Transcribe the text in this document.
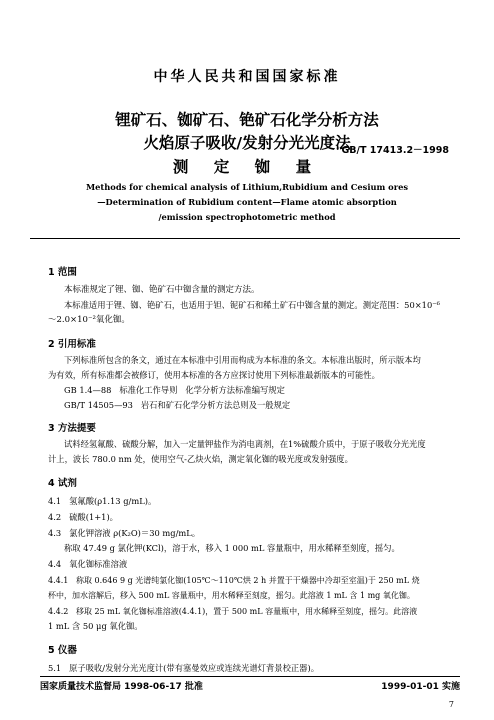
中华人民共和国国家标准
锂矿石、铷矿石、铯矿石化学分析方法
火焰原子吸收/发射分光光度法
测 定 铷 量
GB/T 17413.2－1998
Methods for chemical analysis of Lithium,Rubidium and Cesium ores
—Determination of Rubidium content—Flame atomic absorption
/emission spectrophotometric method
1 范围
本标准规定了锂、铷、铯矿石中铷含量的测定方法。
本标准适用于锂、铷、铯矿石，也适用于钽、铌矿石和稀土矿石中铷含量的测定。测定范围：50×10⁻⁶
～2.0×10⁻²氧化铷。
2 引用标准
下列标准所包含的条文，通过在本标准中引用而构成为本标准的条文。本标准出版时，所示版本均
为有效，所有标准都会被修订，使用本标准的各方应探讨使用下列标准最新版本的可能性。
GB 1.4—88   标准化工作导则   化学分析方法标准编写规定
GB/T 14505—93   岩石和矿石化学分析方法总则及一般规定
3 方法提要
试料经氢氟酸、硫酸分解，加入一定量钾盐作为消电离剂，在1%硫酸介质中，于原子吸收分光光度
计上，波长 780.0 nm 处，使用空气-乙炔火焰，测定氧化铷的吸光度或发射强度。
4 试剂
4.1   氢氟酸(ρ1.13 g/mL)。
4.2   硫酸(1+1)。
4.3   氯化钾溶液 ρ(K₂O)＝30 mg/mL。
称取 47.49 g 氯化钾(KCl)，溶于水，移入 1 000 mL 容量瓶中，用水稀释至刻度，摇匀。
4.4   氧化铷标准溶液
4.4.1   称取 0.646 9 g 光谱纯氯化铷(105℃～110℃烘 2 h 并置于干燥器中冷却至室温)于 250 mL 烧
杯中，加水溶解后，移入 500 mL 容量瓶中，用水稀释至刻度，摇匀。此溶液 1 mL 含 1 mg 氧化铷。
4.4.2   移取 25 mL 氧化铷标准溶液(4.4.1)，置于 500 mL 容量瓶中，用水稀释至刻度，摇匀。此溶液
1 mL 含 50 μg 氧化铷。
5 仪器
5.1   原子吸收/发射分光光度计(带有塞曼效应或连续光谱灯背景校正器)。
国家质量技术监督局 1998-06-17 批准	1999-01-01 实施
7
